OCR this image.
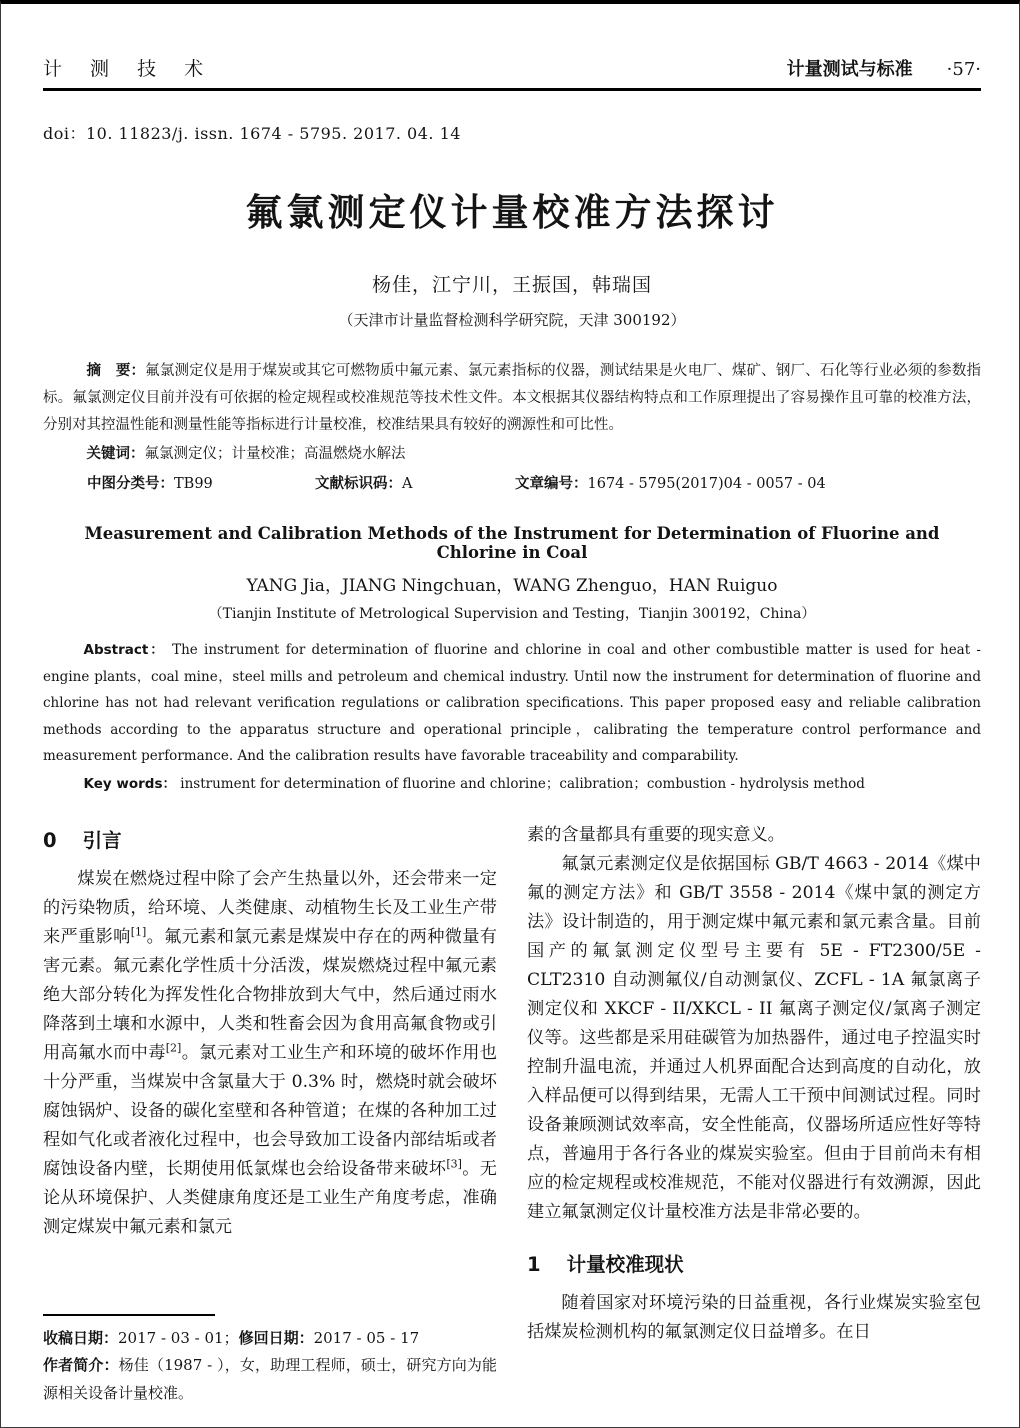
计 测 技 术	计量测试与标准 ·57·
doi：10. 11823/j. issn. 1674 - 5795. 2017. 04. 14
氟氯测定仪计量校准方法探讨
杨佳，江宁川，王振国，韩瑞国
（天津市计量监督检测科学研究院，天津 300192）

摘　要：氟氯测定仪是用于煤炭或其它可燃物质中氟元素、氯元素指标的仪器，测试结果是火电厂、煤矿、钢厂、石化等行业必须的参数指标。氟氯测定仪目前并没有可依据的检定规程或校准规范等技术性文件。本文根据其仪器结构特点和工作原理提出了容易操作且可靠的校准方法，分别对其控温性能和测量性能等指标进行计量校准，校准结果具有较好的溯源性和可比性。

关键词：氟氯测定仪；计量校准；高温燃烧水解法

中图分类号：TB99	文献标识码：A	文章编号：1674 - 5795(2017)04 - 0057 - 04
Measurement and Calibration Methods of the Instrument for Determination of Fluorine and Chlorine in Coal
YANG Jia，JIANG Ningchuan，WANG Zhenguo，HAN Ruiguo
（Tianjin Institute of Metrological Supervision and Testing，Tianjin 300192，China）

Abstract： The instrument for determination of fluorine and chlorine in coal and other combustible matter is used for heat - engine plants，coal mine，steel mills and petroleum and chemical industry. Until now the instrument for determination of fluorine and chlorine has not had relevant verification regulations or calibration specifications. This paper proposed easy and reliable calibration methods according to the apparatus structure and operational principle，calibrating the temperature control performance and measurement performance. And the calibration results have favorable traceability and comparability.

Key words： instrument for determination of fluorine and chlorine；calibration；combustion - hydrolysis method

0 引言

煤炭在燃烧过程中除了会产生热量以外，还会带来一定的污染物质，给环境、人类健康、动植物生长及工业生产带来严重影响[1]。氟元素和氯元素是煤炭中存在的两种微量有害元素。氟元素化学性质十分活泼，煤炭燃烧过程中氟元素绝大部分转化为挥发性化合物排放到大气中，然后通过雨水降落到土壤和水源中，人类和牲畜会因为食用高氟食物或引用高氟水而中毒[2]。氯元素对工业生产和环境的破坏作用也十分严重，当煤炭中含氯量大于 0.3% 时，燃烧时就会破坏腐蚀锅炉、设备的碳化室壁和各种管道；在煤的各种加工过程如气化或者液化过程中，也会导致加工设备内部结垢或者腐蚀设备内壁，长期使用低氯煤也会给设备带来破坏[3]。无论从环境保护、人类健康角度还是工业生产角度考虑，准确测定煤炭中氟元素和氯元

收稿日期：2017 - 03 - 01；修回日期：2017 - 05 - 17

作者简介：杨佳（1987 - ），女，助理工程师，硕士，研究方向为能源相关设备计量校准。

素的含量都具有重要的现实意义。

氟氯元素测定仪是依据国标 GB/T 4663 - 2014《煤中氟的测定方法》和 GB/T 3558 - 2014《煤中氯的测定方法》设计制造的，用于测定煤中氟元素和氯元素含量。目前国产的氟氯测定仪型号主要有 5E - FT2300/5E - CLT2310 自动测氟仪/自动测氯仪、ZCFL - 1A 氟氯离子测定仪和 XKCF - II/XKCL - II 氟离子测定仪/氯离子测定仪等。这些都是采用硅碳管为加热器件，通过电子控温实时控制升温电流，并通过人机界面配合达到高度的自动化，放入样品便可以得到结果，无需人工干预中间测试过程。同时设备兼顾测试效率高，安全性能高，仪器场所适应性好等特点，普遍用于各行各业的煤炭实验室。但由于目前尚未有相应的检定规程或校准规范，不能对仪器进行有效溯源，因此建立氟氯测定仪计量校准方法是非常必要的。

1 计量校准现状

随着国家对环境污染的日益重视，各行业煤炭实验室包括煤炭检测机构的氟氯测定仪日益增多。在日
